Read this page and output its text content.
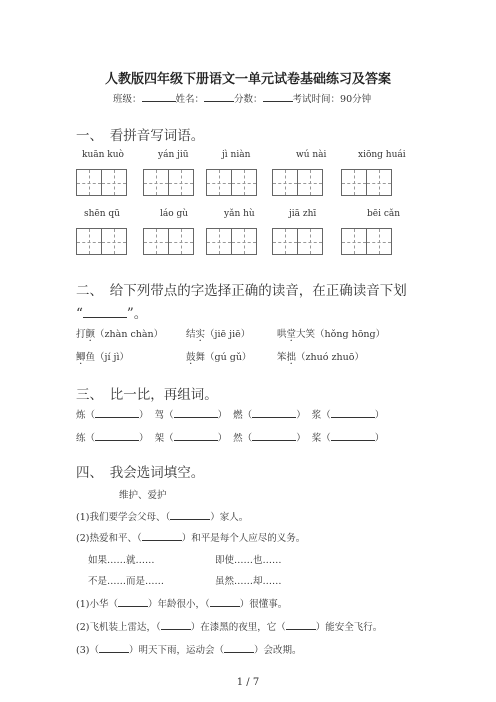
人教版四年级下册语文一单元试卷基础练习及答案
班级：	姓名：	分数：	考试时间：90分钟
一、　看拼音写词语。
kuān kuò	yán jiū	jì niàn	wú nài	xiōng huái
shēn qū	láo gù	yǎn hù	jiā zhī	bēi cǎn
二、　给下列带点的字选择正确的读音，在正确读音下划
“	”。
打颤（zhàn chàn） 结实（jiē jiē）	哄堂大笑（hǒng hōng）
鲫鱼（jí jì）	鼓舞（gú gǔ）	笨拙（zhuó zhuō）
三、　比一比，再组词。
炼（	）  驾（	）  燃（	）  浆（	）
练（	）  架（	）  然（	）  桨（	）
四、　我会选词填空。
维护、爱护
(1)我们要学会父母、（	）家人。
(2)热爱和平、（	）和平是每个人应尽的义务。
如果……就……	即使……也……
不是……而是……	虽然……却……
(1)小华（	）年龄很小，（	）很懂事。
(2)飞机装上雷达，（	）在漆黑的夜里，它（	）能安全飞行。
(3)（	）明天下雨，运动会（	）会改期。
1 / 7
